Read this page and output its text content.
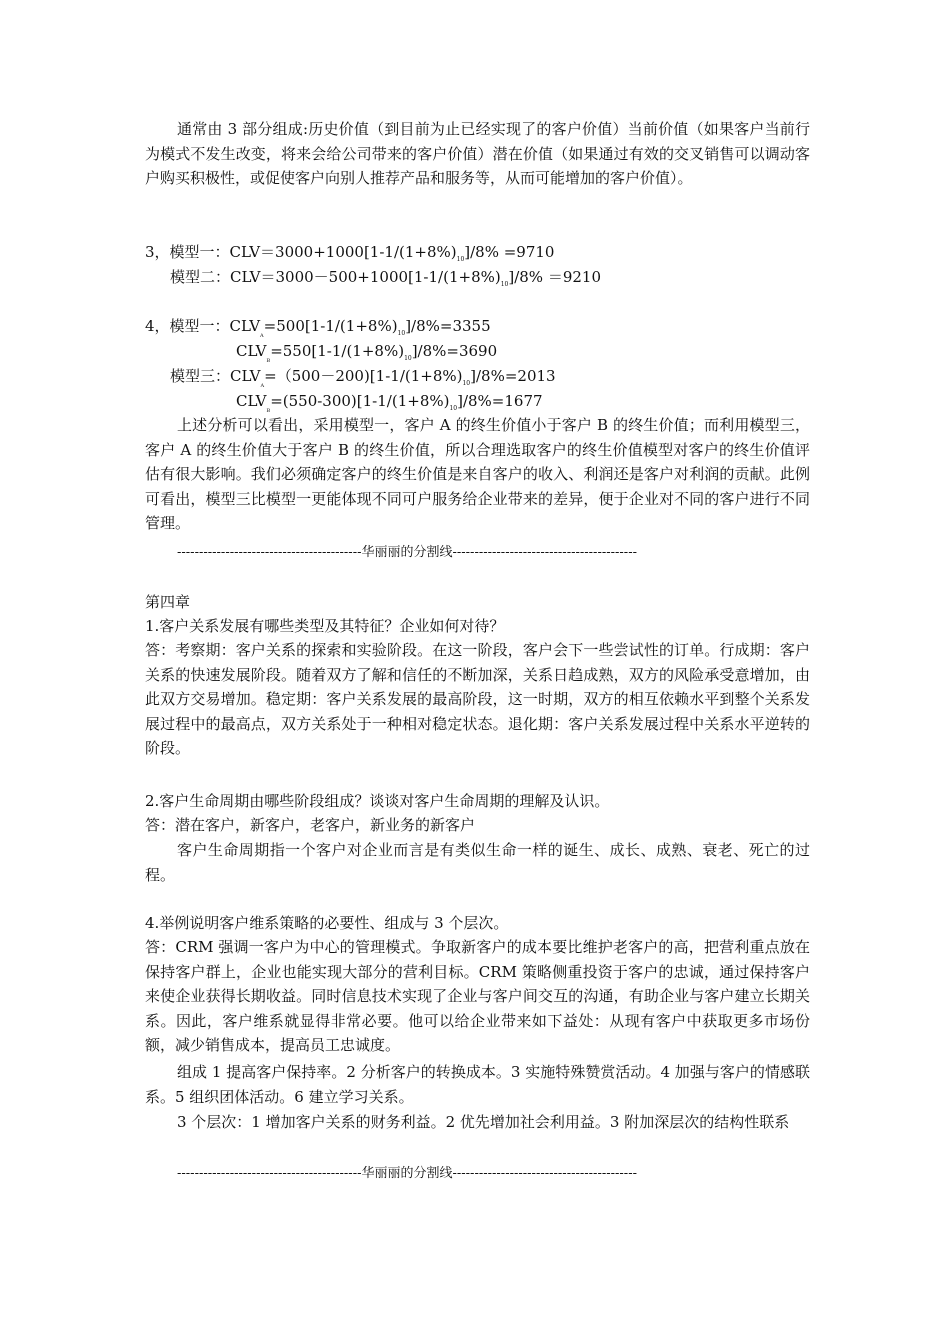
通常由 3 部分组成:历史价值（到目前为止已经实现了的客户价值）当前价值（如果客户当前行为模式不发生改变，将来会给公司带来的客户价值）潜在价值（如果通过有效的交叉销售可以调动客户购买积极性，或促使客户向别人推荐产品和服务等，从而可能增加的客户价值）。

3，模型一：$CLV=3000+1000[1-1/(1+8\%)_{10}]/8\% =9710$
模型二：$CLV=3000-500+1000[1-1/(1+8\%)_{10}]/8\% =9210$
4，模型一：$CLV_A=500[1-1/(1+8\%)_{10}]/8\%=3355$
$CLV_B=550[1-1/(1+8\%)_{10}]/8\%=3690$
模型三：$CLV_A=(500-200)[1-1/(1+8\%)_{10}]/8\%=2013$
$CLV_B=(550-300)[1-1/(1+8\%)_{10}]/8\%=1677$

上述分析可以看出，采用模型一，客户 A 的终生价值小于客户 B 的终生价值；而利用模型三，客户 A 的终生价值大于客户 B 的终生价值，所以合理选取客户的终生价值模型对客户的终生价值评估有很大影响。我们必须确定客户的终生价值是来自客户的收入、利润还是客户对利润的贡献。此例可看出，模型三比模型一更能体现不同可户服务给企业带来的差异，便于企业对不同的客户进行不同管理。

------------------------------------------华丽丽的分割线------------------------------------------

第四章

1.客户关系发展有哪些类型及其特征？企业如何对待？

答：考察期：客户关系的探索和实验阶段。在这一阶段，客户会下一些尝试性的订单。行成期：客户关系的快速发展阶段。随着双方了解和信任的不断加深，关系日趋成熟，双方的风险承受意增加，由此双方交易增加。稳定期：客户关系发展的最高阶段，这一时期，双方的相互依赖水平到整个关系发展过程中的最高点，双方关系处于一种相对稳定状态。退化期：客户关系发展过程中关系水平逆转的阶段。

2.客户生命周期由哪些阶段组成？谈谈对客户生命周期的理解及认识。

答：潜在客户，新客户，老客户，新业务的新客户

客户生命周期指一个客户对企业而言是有类似生命一样的诞生、成长、成熟、衰老、死亡的过程。

4.举例说明客户维系策略的必要性、组成与 3 个层次。

答：CRM 强调一客户为中心的管理模式。争取新客户的成本要比维护老客户的高，把营利重点放在保持客户群上，企业也能实现大部分的营利目标。CRM 策略侧重投资于客户的忠诚，通过保持客户来使企业获得长期收益。同时信息技术实现了企业与客户间交互的沟通，有助企业与客户建立长期关系。因此，客户维系就显得非常必要。他可以给企业带来如下益处：从现有客户中获取更多市场份额，减少销售成本，提高员工忠诚度。

组成 1 提高客户保持率。2 分析客户的转换成本。3 实施特殊赞赏活动。4 加强与客户的情感联系。5 组织团体活动。6 建立学习关系。

3 个层次：1 增加客户关系的财务利益。2 优先增加社会利用益。3 附加深层次的结构性联系

------------------------------------------华丽丽的分割线------------------------------------------
